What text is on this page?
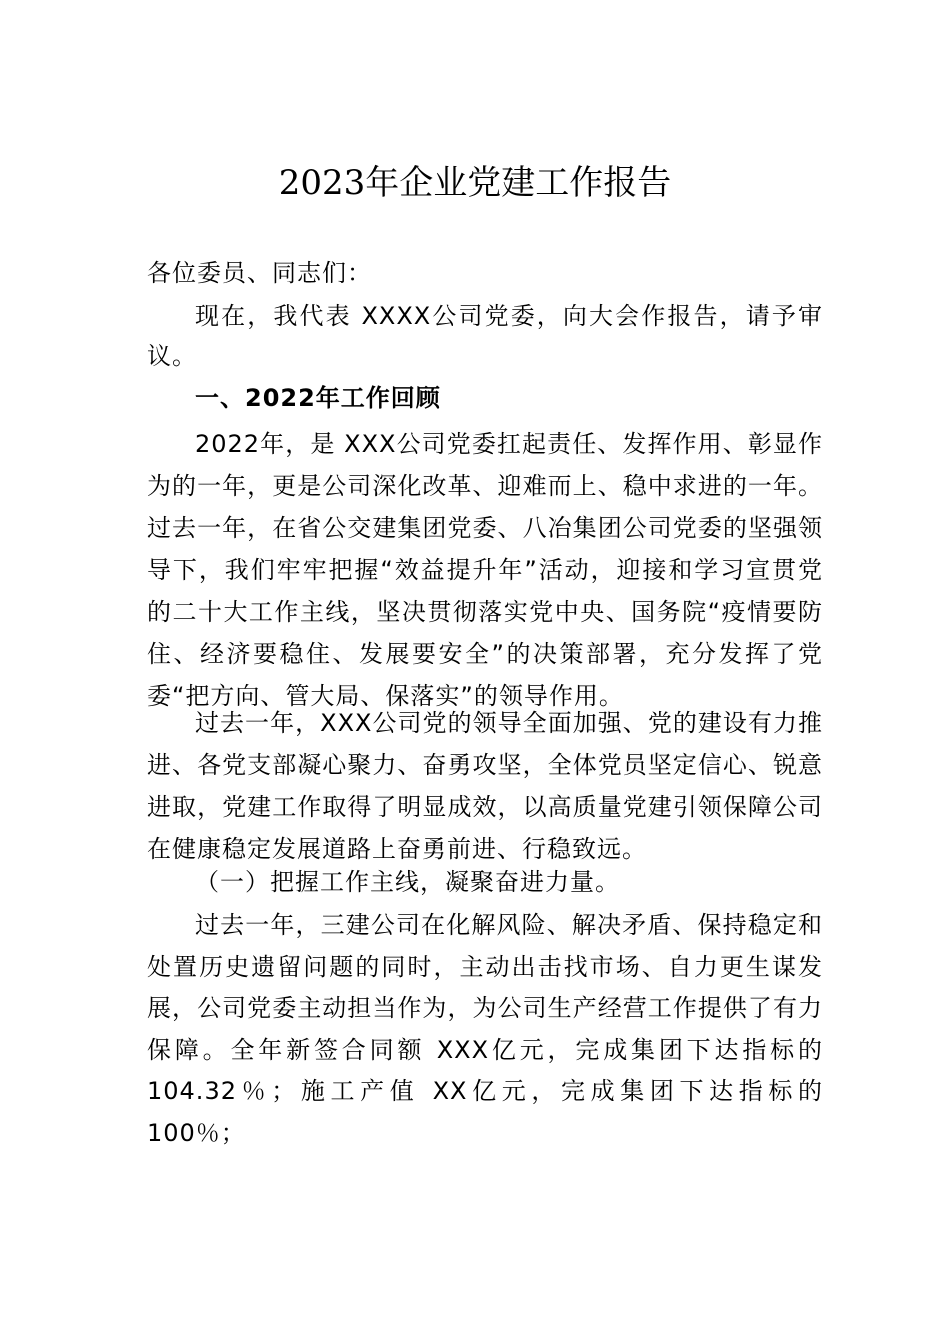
2023年企业党建工作报告
各位委员、同志们：
现在，我代表 XXXX公司党委，向大会作报告，请予审议。
一、2022年工作回顾
2022年，是 XXX公司党委扛起责任、发挥作用、彰显作为的一年，更是公司深化改革、迎难而上、稳中求进的一年。过去一年，在省公交建集团党委、八冶集团公司党委的坚强领导下，我们牢牢把握“效益提升年”活动，迎接和学习宣贯党的二十大工作主线，坚决贯彻落实党中央、国务院“疫情要防住、经济要稳住、发展要安全”的决策部署，充分发挥了党委“把方向、管大局、保落实”的领导作用。
过去一年，XXX公司党的领导全面加强、党的建设有力推进、各党支部凝心聚力、奋勇攻坚，全体党员坚定信心、锐意进取，党建工作取得了明显成效，以高质量党建引领保障公司在健康稳定发展道路上奋勇前进、行稳致远。
（一）把握工作主线，凝聚奋进力量。
过去一年，三建公司在化解风险、解决矛盾、保持稳定和处置历史遗留问题的同时，主动出击找市场、自力更生谋发展，公司党委主动担当作为，为公司生产经营工作提供了有力保障。全年新签合同额 XXX亿元，完成集团下达指标的 104.32％；施工产值 XX亿元，完成集团下达指标的100％；
